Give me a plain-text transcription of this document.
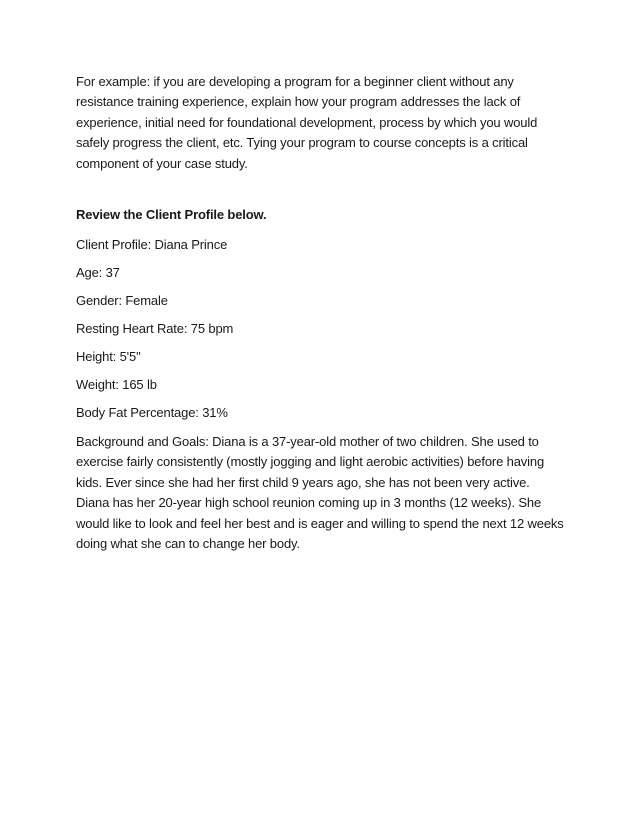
For example: if you are developing a program for a beginner client without any resistance training experience, explain how your program addresses the lack of experience, initial need for foundational development, process by which you would safely progress the client, etc. Tying your program to course concepts is a critical component of your case study.

Review the Client Profile below.

Client Profile: Diana Prince

Age: 37

Gender: Female

Resting Heart Rate: 75 bpm

Height: 5'5"

Weight: 165 lb

Body Fat Percentage: 31%

Background and Goals: Diana is a 37-year-old mother of two children. She used to exercise fairly consistently (mostly jogging and light aerobic activities) before having kids. Ever since she had her first child 9 years ago, she has not been very active. Diana has her 20-year high school reunion coming up in 3 months (12 weeks). She would like to look and feel her best and is eager and willing to spend the next 12 weeks doing what she can to change her body.
